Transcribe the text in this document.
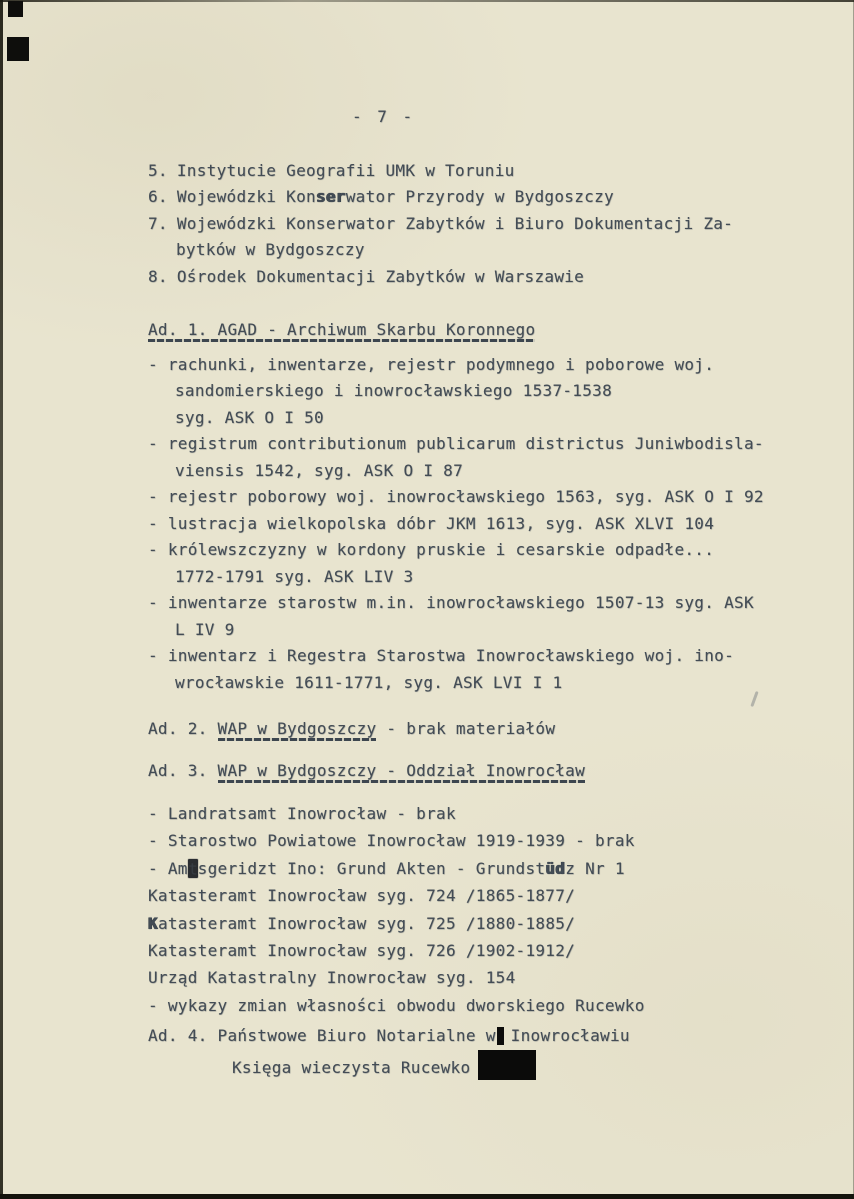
- 7 -
5. Instytucie Geografii UMK w Toruniu
6. Wojewódzki Konserwator Przyrody w Bydgoszczy
7. Wojewódzki Konserwator Zabytków i Biuro Dokumentacji Za-
bytków w Bydgoszczy
8. Ośrodek Dokumentacji Zabytków w Warszawie
Ad. 1. AGAD - Archiwum Skarbu Koronnego
- rachunki, inwentarze, rejestr podymnego i poborowe woj.
sandomierskiego i inowrocławskiego 1537-1538
syg. ASK O I 50
- registrum contributionum publicarum districtus Juniwbodisla-
viensis 1542, syg. ASK O I 87
- rejestr poborowy woj. inowrocławskiego 1563, syg. ASK O I 92
- lustracja wielkopolska dóbr JKM 1613, syg. ASK XLVI 104
- królewszczyzny w kordony pruskie i cesarskie odpadłe...
1772-1791 syg. ASK LIV 3
- inwentarze starostw m.in. inowrocławskiego 1507-13 syg. ASK
L IV 9
- inwentarz i Regestra Starostwa Inowrocławskiego woj. ino-
wrocławskie 1611-1771, syg. ASK LVI I 1
Ad. 2. WAP w Bydgoszczy - brak materiałów
Ad. 3. WAP w Bydgoszczy - Oddział Inowrocław
- Landratsamt Inowrocław - brak
- Starostwo Powiatowe Inowrocław 1919-1939 - brak
- Amtsgeridzt Ino: Grund Akten - Grundstüdz Nr 1
Katasteramt Inowrocław syg. 724 /1865-1877/
Katasteramt Inowrocław syg. 725 /1880-1885/
Katasteramt Inowrocław syg. 726 /1902-1912/
Urząd Katastralny Inowrocław syg. 154
- wykazy zmian własności obwodu dworskiego Rucewko
Ad. 4. Państwowe Biuro Notarialne w Inowrocławiu
Księga wieczysta Rucewko
